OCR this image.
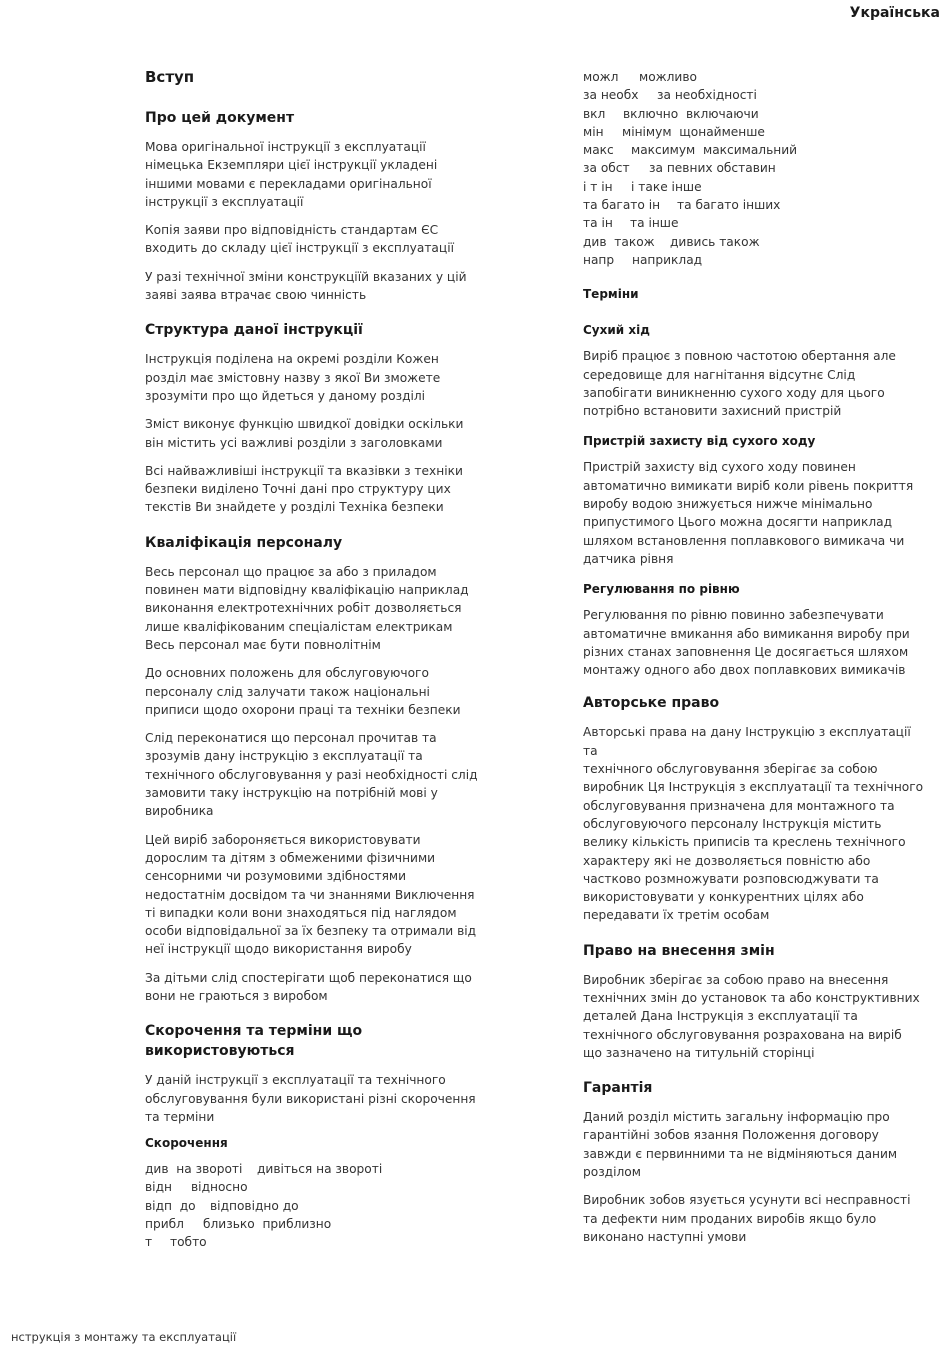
Українська
Вступ
Про цей документ

Мова оригінальної інструкції з експлуатації
німецька Екземпляри цієї інструкції укладені
іншими мовами є перекладами оригінальної
інструкції з експлуатації

Копія заяви про відповідність стандартам ЄС
входить до складу цієї інструкції з експлуатації

У разі технічної зміни конструкціїй вказаних у цій
заяві заява втрачає свою чинність

Структура даної інструкції

Інструкція поділена на окремі розділи Кожен
розділ має змістовну назву з якої Ви зможете
зрозуміти про що йдеться у даному розділі

Зміст виконує функцію швидкої довідки оскільки
він містить усі важливі розділи з заголовками

Всі найважливіші інструкції та вказівки з техніки
безпеки виділено Точні дані про структуру цих
текстів Ви знайдете у розділі Техніка безпеки

Кваліфікація персоналу

Весь персонал що працює за або з приладом
повинен мати відповідну кваліфікацію наприклад
виконання електротехнічних робіт дозволяється
лише кваліфікованим спеціалістам електрикам
Весь персонал має бути повнолітнім

До основних положень для обслуговуючого
персоналу слід залучати також національні
приписи щодо охорони праці та техніки безпеки

Слід переконатися що персонал прочитав та
зрозумів дану інструкцію з експлуатації та
технічного обслуговування у разі необхідності слід
замовити таку інструкцію на потрібній мові у
виробника

Цей виріб забороняється використовувати
дорослим та дітям з обмеженими фізичними
сенсорними чи розумовими здібностями
недостатнім досвідом та чи знаннями Виключення
ті випадки коли вони знаходяться під наглядом
особи відповідальної за їх безпеку та отримали від
неї інструкції щодо використання виробу

За дітьми слід спостерігати щоб переконатися що
вони не граються з виробом

Скорочення та терміни що
використовуються

У даній інструкції з експлуатації та технічного
обслуговування були використані різні скорочення
та терміни

Скорочення
див  на звороті	дивіться на звороті
відн	відносно
відп  до	відповідно до
прибл	близько  приблизно
т	тобто
можл	можливо
за необх	за необхідності
вкл	включно  включаючи
мін	мінімум  щонайменше
макс	максимум  максимальний
за обст	за певних обставин
і т ін	і таке інше
та багато ін	та багато інших
та ін	та інше
див  також	дивись також
напр	наприклад
Терміни
Сухий хід

Виріб працює з повною частотою обертання але
середовище для нагнітання відсутнє Слід
запобігати виникненню сухого ходу для цього
потрібно встановити захисний пристрій

Пристрій захисту від сухого ходу

Пристрій захисту від сухого ходу повинен
автоматично вимикати виріб коли рівень покриття
виробу водою знижується нижче мінімально
припустимого Цього можна досягти наприклад
шляхом встановлення поплавкового вимикача чи
датчика рівня

Регулювання по рівню

Регулювання по рівню повинно забезпечувати
автоматичне вмикання або вимикання виробу при
різних станах заповнення Це досягається шляхом
монтажу одного або двох поплавкових вимикачів

Авторське право

Авторські права на дану Інструкцію з експлуатації та
технічного обслуговування зберігає за собою
виробник Ця Інструкція з експлуатації та технічного
обслуговування призначена для монтажного та
обслуговуючого персоналу Інструкція містить
велику кількість приписів та креслень технічного
характеру які не дозволяється повністю або
частково розмножувати розповсюджувати та
використовувати у конкурентних цілях або
передавати їх третім особам

Право на внесення змін

Виробник зберігає за собою право на внесення
технічних змін до установок та або конструктивних
деталей Дана Інструкція з експлуатації та
технічного обслуговування розрахована на виріб
що зазначено на титульній сторінці

Гарантія

Даний розділ містить загальну інформацію про
гарантійні зобов язання Положення договору
завжди є первинними та не відміняються даним
розділом

Виробник зобов язується усунути всі несправності
та дефекти ним проданих виробів якщо було
виконано наступні умови

нструкція з монтажу та експлуатації
